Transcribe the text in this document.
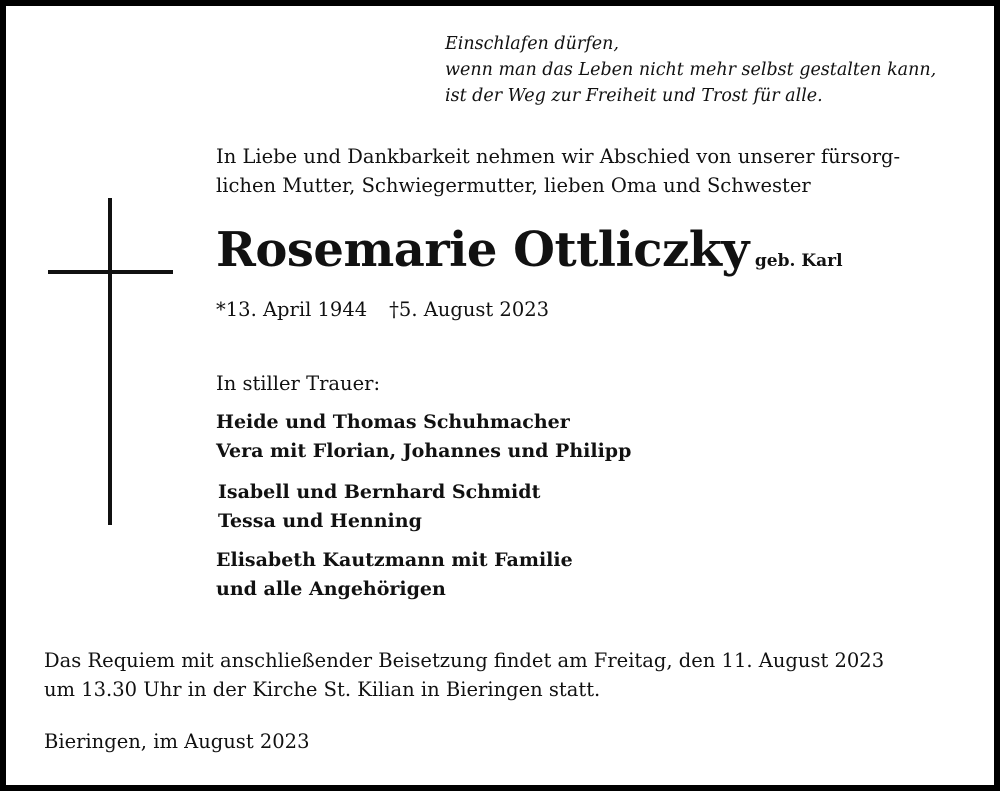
Einschlafen dürfen,
wenn man das Leben nicht mehr selbst gestalten kann,
ist der Weg zur Freiheit und Trost für alle.
In Liebe und Dankbarkeit nehmen wir Abschied von unserer fürsorg-
lichen Mutter, Schwiegermutter, lieben Oma und Schwester
Rosemarie Ottliczky geb. Karl
*13. April 1944 †5. August 2023
In stiller Trauer:
Heide und Thomas Schuhmacher
Vera mit Florian, Johannes und Philipp
Isabell und Bernhard Schmidt
Tessa und Henning
Elisabeth Kautzmann mit Familie
und alle Angehörigen
Das Requiem mit anschließender Beisetzung findet am Freitag, den 11. August 2023
um 13.30 Uhr in der Kirche St. Kilian in Bieringen statt.
Bieringen, im August 2023
